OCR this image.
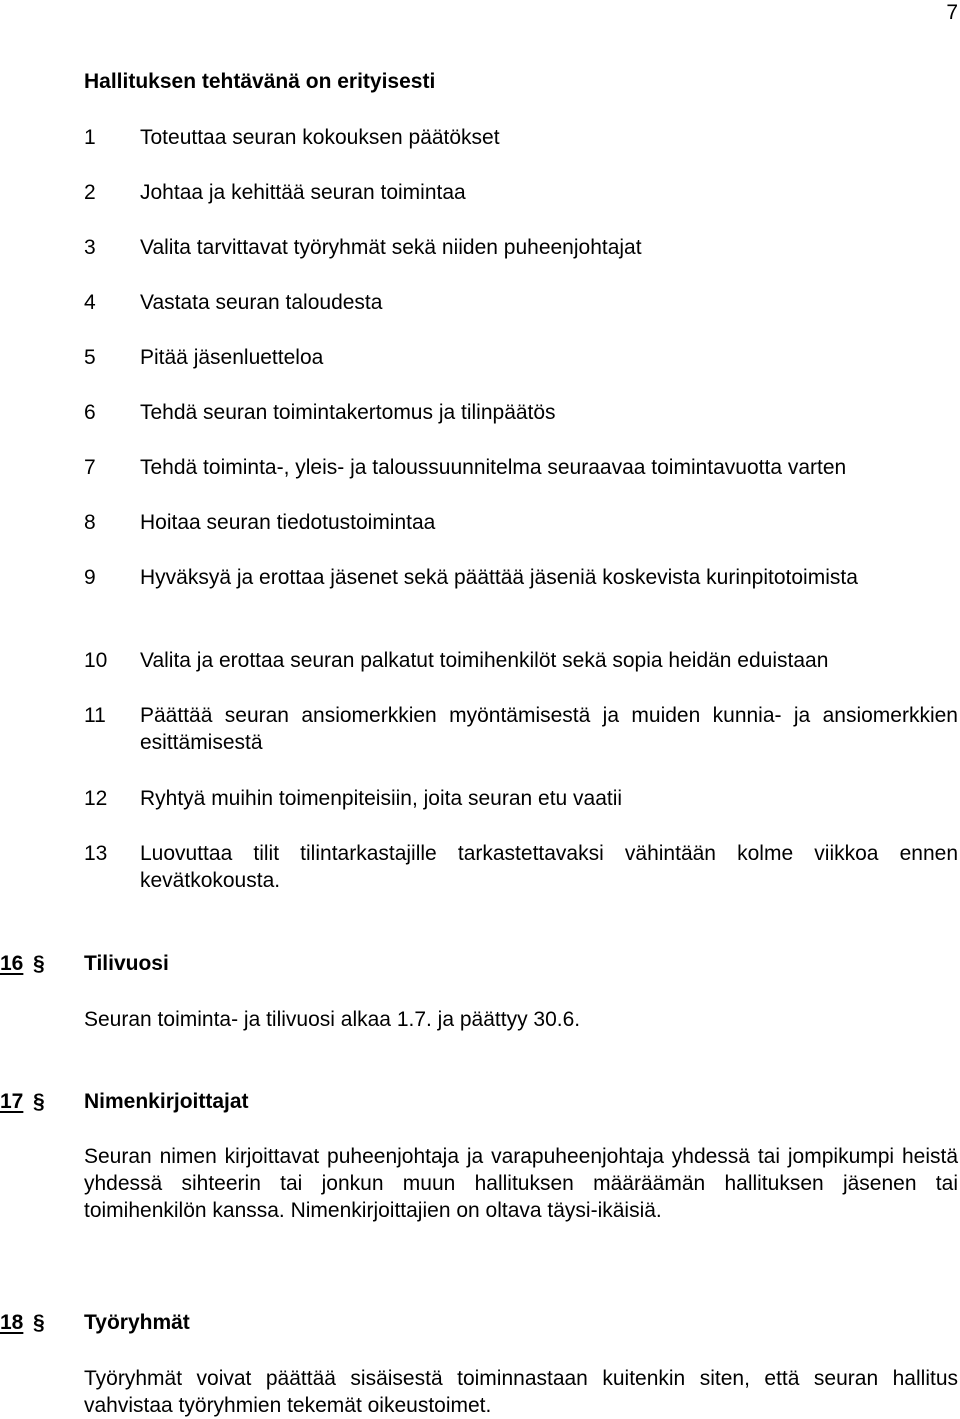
7
Hallituksen tehtävänä on erityisesti
1 Toteuttaa seuran kokouksen päätökset
2 Johtaa ja kehittää seuran toimintaa
3 Valita tarvittavat työryhmät sekä niiden puheenjohtajat
4 Vastata seuran taloudesta
5 Pitää jäsenluetteloa
6 Tehdä seuran toimintakertomus ja tilinpäätös
7 Tehdä toiminta-, yleis- ja taloussuunnitelma seuraavaa toimintavuotta varten
8 Hoitaa seuran tiedotustoimintaa
9 Hyväksyä ja erottaa jäsenet sekä päättää jäseniä koskevista kurinpitotoimista
10 Valita ja erottaa seuran palkatut toimihenkilöt sekä sopia heidän eduistaan
11 Päättää seuran ansiomerkkien myöntämisestä ja muiden kunnia- ja ansiomerkkien esittämisestä
12 Ryhtyä muihin toimenpiteisiin, joita seuran etu vaatii
13 Luovuttaa tilit tilintarkastajille tarkastettavaksi vähintään kolme viikkoa ennen kevätkokousta.
16 § Tilivuosi
Seuran toiminta- ja tilivuosi alkaa 1.7. ja päättyy 30.6.
17 § Nimenkirjoittajat
Seuran nimen kirjoittavat puheenjohtaja ja varapuheenjohtaja yhdessä tai jompikumpi heistä yhdessä sihteerin tai jonkun muun hallituksen määräämän hallituksen jäsenen tai toimihenkilön kanssa. Nimenkirjoittajien on oltava täysi-ikäisiä.
18 § Työryhmät
Työryhmät voivat päättää sisäisestä toiminnastaan kuitenkin siten, että seuran hallitus vahvistaa työryhmien tekemät oikeustoimet.
